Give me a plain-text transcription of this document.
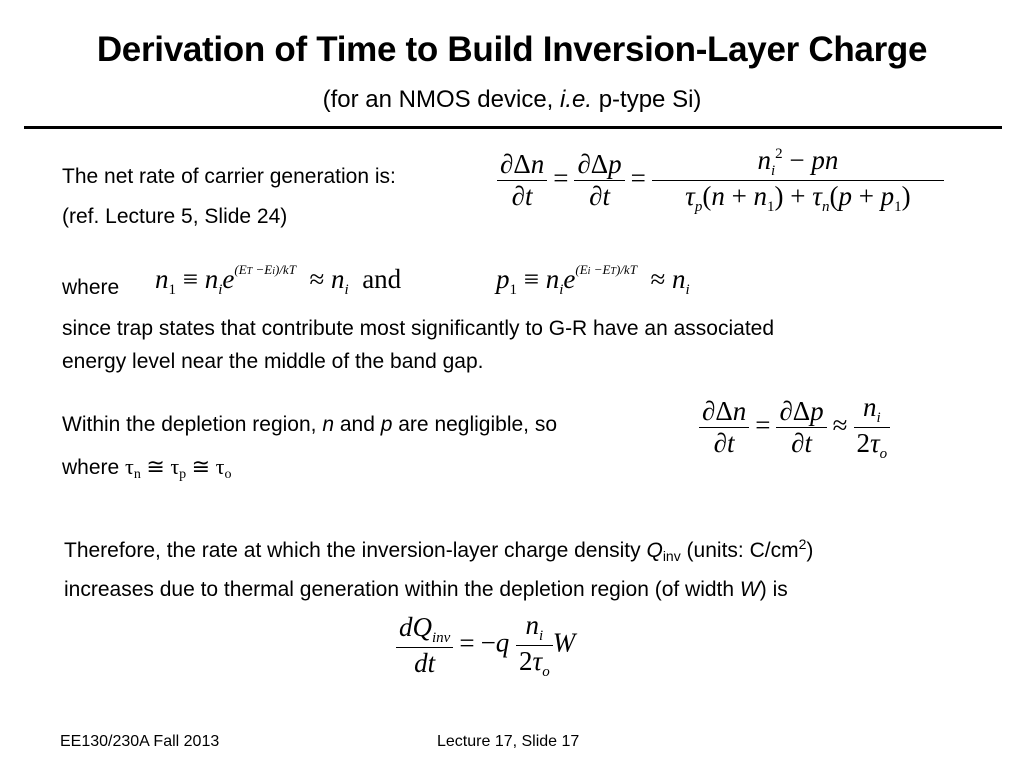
Derivation of Time to Build Inversion-Layer Charge

(for an NMOS device, i.e. p-type Si)

The net rate of carrier generation is:
(ref. Lecture 5, Slide 24)
$\frac{\partial\Delta n}{\partial t} = \frac{\partial\Delta p}{\partial t} = \frac{n_i^2 - pn}{\tau_p(n + n_1) + \tau_n(p + p_1)}$
where $n_1 \equiv n_ie^{(ET -Ei)/kT} \approx n_i$ and	$p_1 \equiv n_ie^{(Ei -ET)/kT} \approx n_i$
since trap states that contribute most significantly to G-R have an associated
energy level near the middle of the band gap.
Within the depletion region, n and p are negligible, so
where τn ≅ τp ≅ τo
$\frac{\partial\Delta n}{\partial t} = \frac{\partial\Delta p}{\partial t} \approx \frac{n_i}{2\tau_o}$
Therefore, the rate at which the inversion-layer charge density Qinv (units: $C/cm^2$)
increases due to thermal generation within the depletion region (of width W) is
$\frac{dQ_{inv}}{dt} = -q \frac{n_i}{2\tau_o}$ W
EE130/230A Fall 2013	Lecture 17, Slide 17
